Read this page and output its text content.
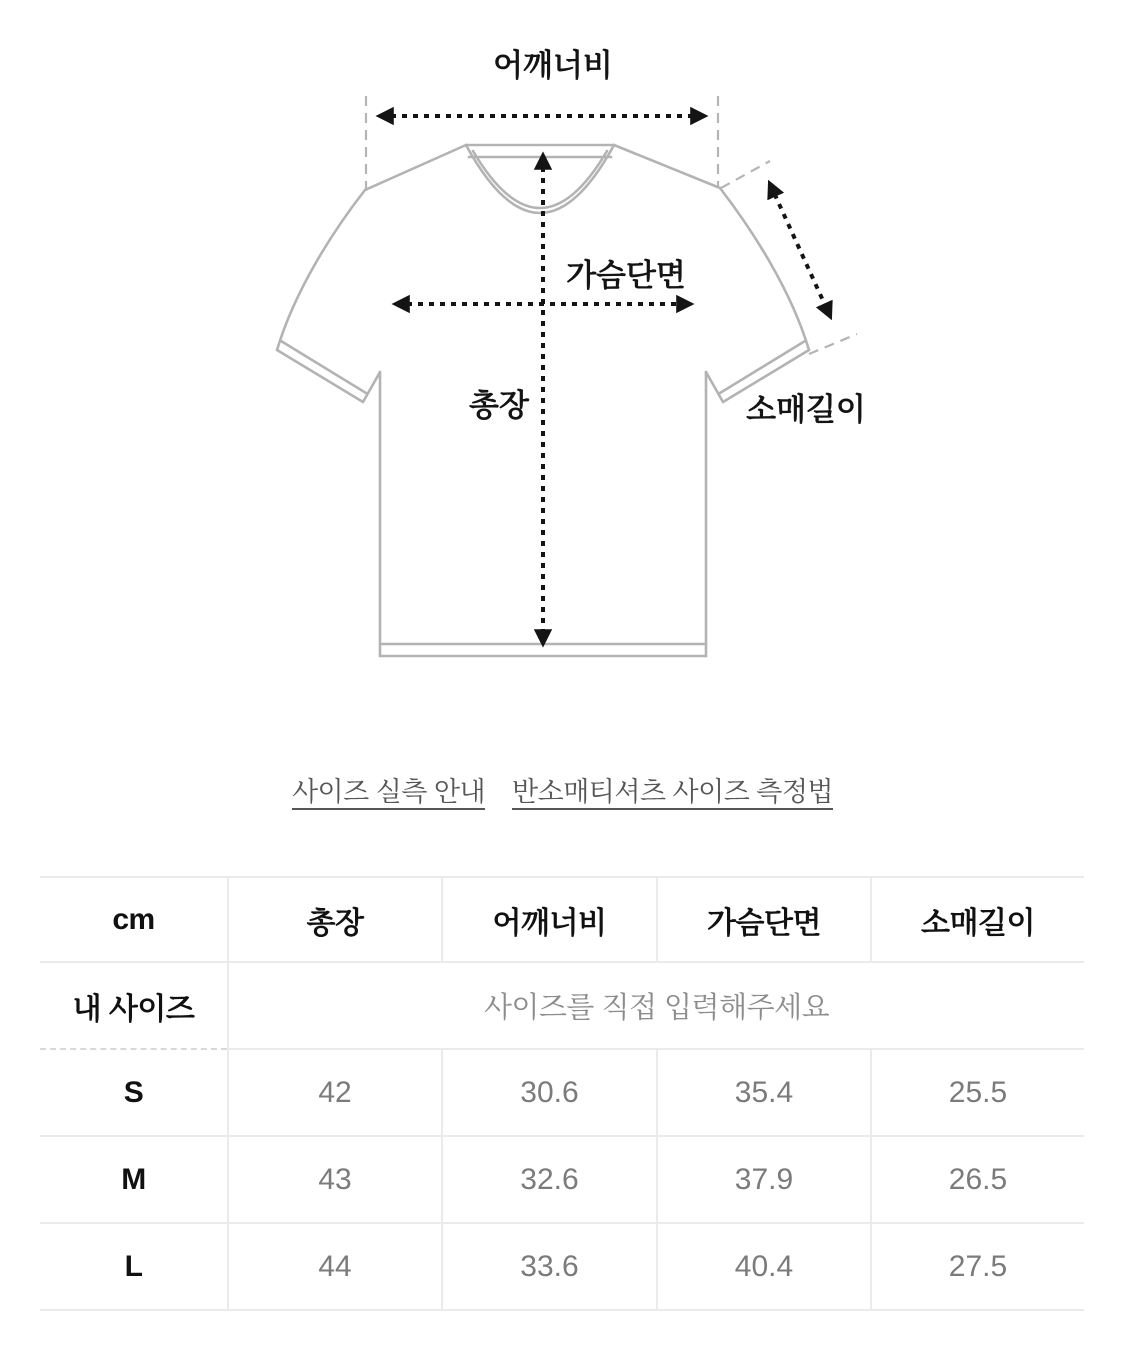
어깨너비
가슴단면
총장	소매길이
사이즈 실측 안내 반소매티셔츠 사이즈 측정법
cm	총장	어깨너비	가슴단면	소매길이
내 사이즈	사이즈를 직접 입력해주세요			
S	42	30.6	35.4	25.5
M	43	32.6	37.9	26.5
L	44	33.6	40.4	27.5
